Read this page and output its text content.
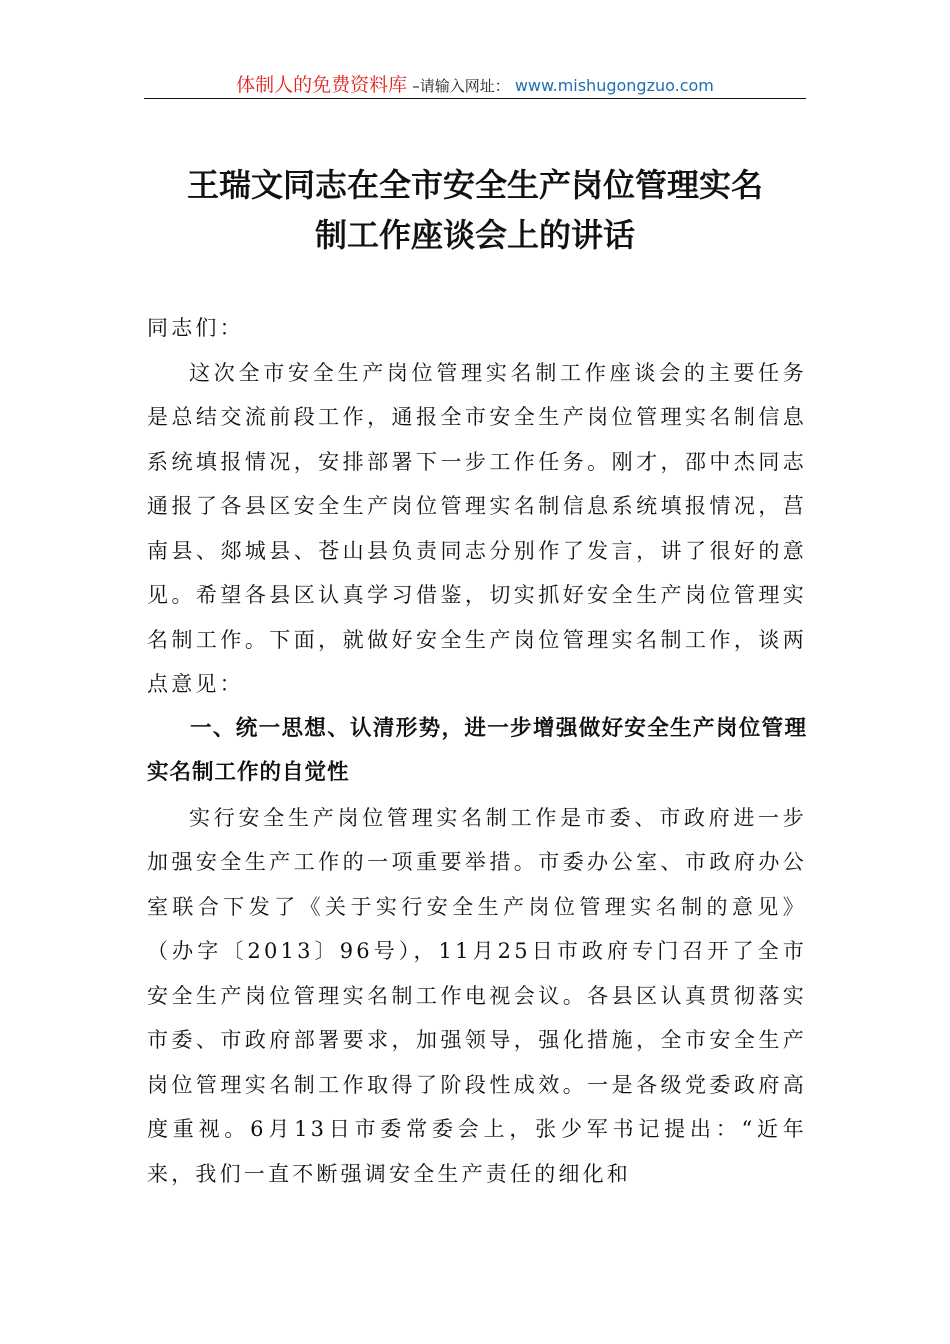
体制人的免费资料库 –请输入网址： www.mishugongzuo.com
王瑞文同志在全市安全生产岗位管理实名
制工作座谈会上的讲话

同志们：

这次全市安全生产岗位管理实名制工作座谈会的主要任务是总结交流前段工作，通报全市安全生产岗位管理实名制信息系统填报情况，安排部署下一步工作任务。刚才，邵中杰同志通报了各县区安全生产岗位管理实名制信息系统填报情况，莒南县、郯城县、苍山县负责同志分别作了发言，讲了很好的意见。希望各县区认真学习借鉴，切实抓好安全生产岗位管理实名制工作。下面，就做好安全生产岗位管理实名制工作，谈两点意见：

一、统一思想、认清形势，进一步增强做好安全生产岗位管理实名制工作的自觉性

实行安全生产岗位管理实名制工作是市委、市政府进一步加强安全生产工作的一项重要举措。市委办公室、市政府办公室联合下发了《关于实行安全生产岗位管理实名制的意见》（办字〔2013〕96号），11月25日市政府专门召开了全市安全生产岗位管理实名制工作电视会议。各县区认真贯彻落实市委、市政府部署要求，加强领导，强化措施，全市安全生产岗位管理实名制工作取得了阶段性成效。一是各级党委政府高度重视。6月13日市委常委会上，张少军书记提出：“近年来，我们一直不断强调安全生产责任的细化和
